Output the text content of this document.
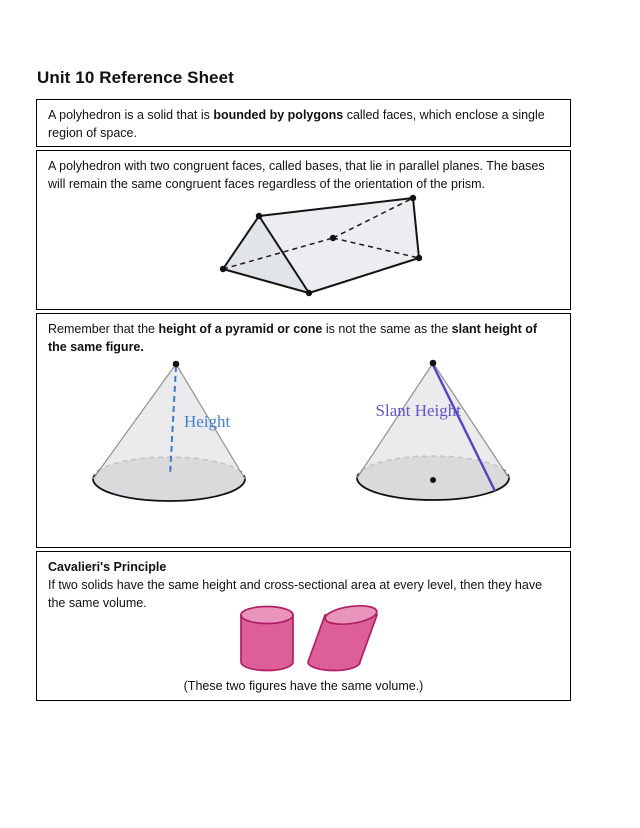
Unit 10 Reference Sheet

A polyhedron is a solid that is bounded by polygons called faces, which enclose a single region of space.

A polyhedron with two congruent faces, called bases, that lie in parallel planes. The bases will remain the same congruent faces regardless of the orientation of the prism.

Remember that the height of a pyramid or cone is not the same as the slant height of the same figure.

Height
Slant Height

Cavalieri's Principle
If two solids have the same height and cross-sectional area at every level, then they have the same volume.

(These two figures have the same volume.)
